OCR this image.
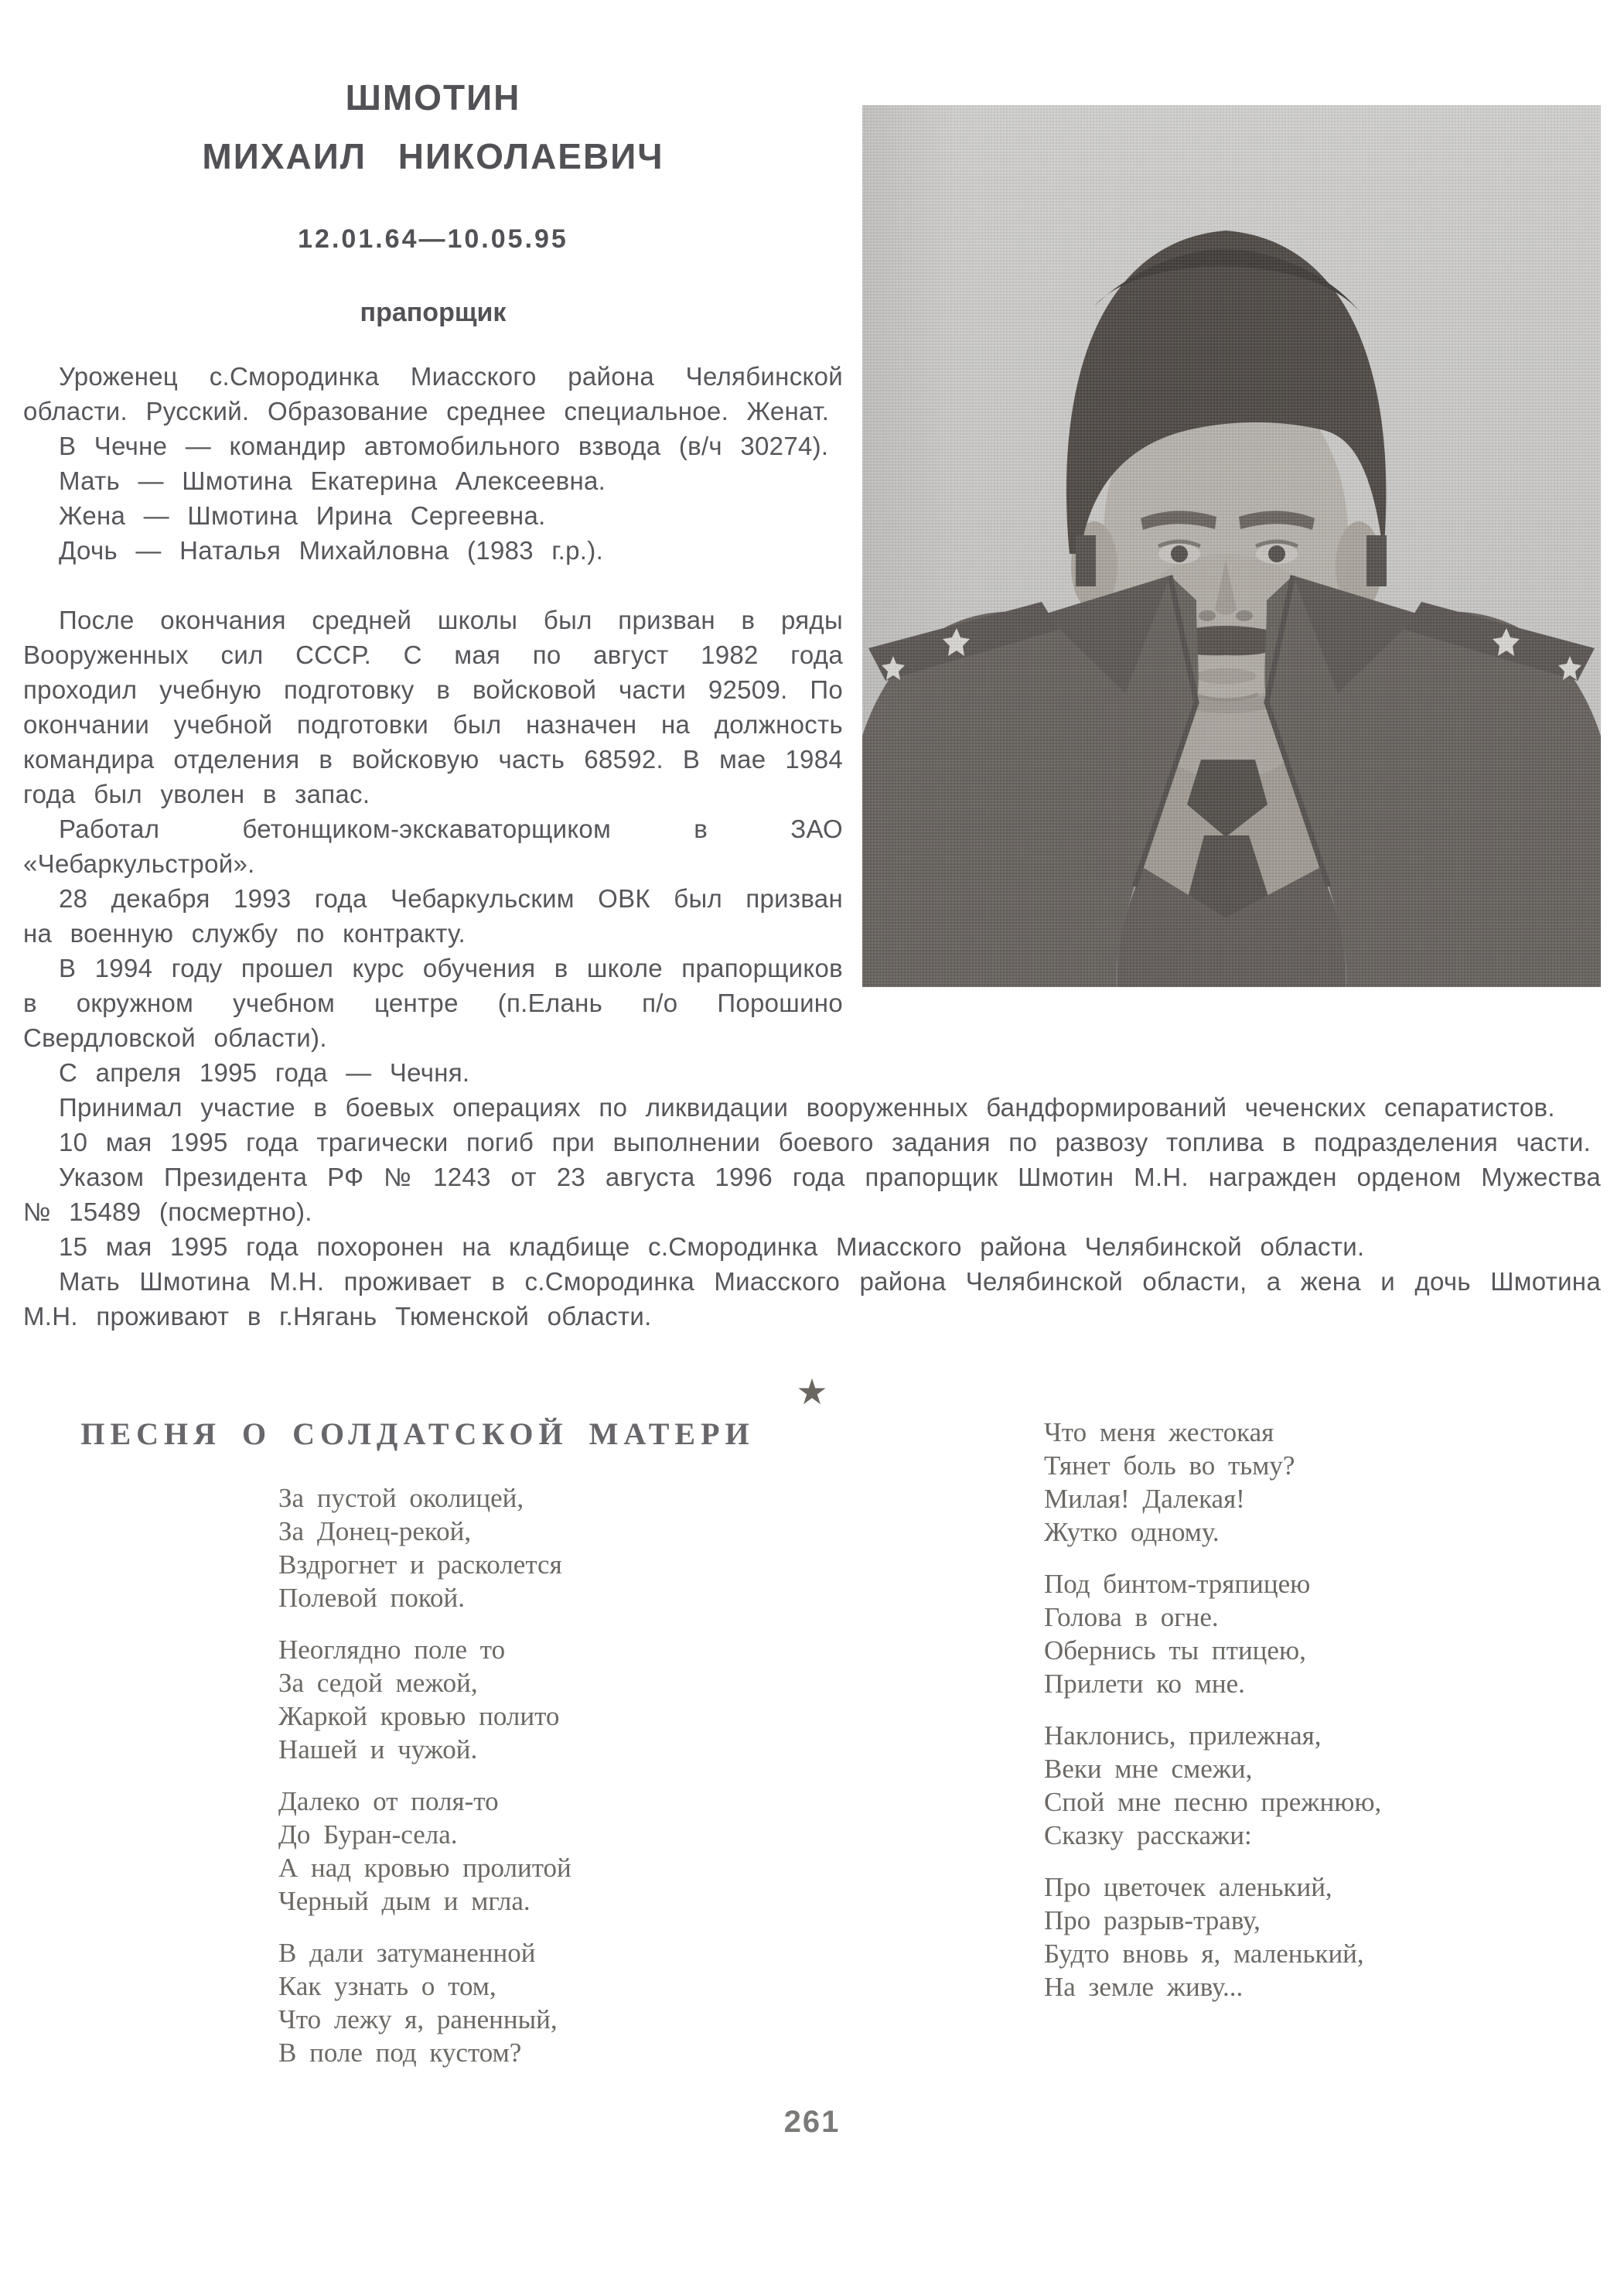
ШМОТИН
МИХАИЛ НИКОЛАЕВИЧ
12.01.64—10.05.95
прапорщик

Уроженец с.Смородинка Миасского района Челябинской области. Русский. Образование среднее специальное. Женат.

В Чечне — командир автомобильного взвода (в/ч 30274).

Мать — Шмотина Екатерина Алексеевна.

Жена — Шмотина Ирина Сергеевна.

Дочь — Наталья Михайловна (1983 г.р.).

После окончания средней школы был призван в ряды Вооруженных сил СССР. С мая по август 1982 года проходил учебную подготовку в войсковой части 92509. По окончании учебной подготовки был назначен на должность командира отделения в войсковую часть 68592. В мае 1984 года был уволен в запас.

Работал бетонщиком-экскаваторщиком в ЗАО «Чебаркульстрой».

28 декабря 1993 года Чебаркульским ОВК был призван на военную службу по контракту.

В 1994 году прошел курс обучения в школе прапорщиков в окружном учебном центре (п.Елань п/о Порошино Свердловской области).

С апреля 1995 года — Чечня.

Принимал участие в боевых операциях по ликвидации вооруженных бандформирований чеченских сепаратистов.

10 мая 1995 года трагически погиб при выполнении боевого задания по развозу топлива в подразделения части.

Указом Президента РФ № 1243 от 23 августа 1996 года прапорщик Шмотин М.Н. награжден орденом Мужества № 15489 (посмертно).

15 мая 1995 года похоронен на кладбище с.Смородинка Миасского района Челябинской области.

Мать Шмотина М.Н. проживает в с.Смородинка Миасского района Челябинской области, а жена и дочь Шмотина М.Н. проживают в г.Нягань Тюменской области.

★
ПЕСНЯ О СОЛДАТСКОЙ МАТЕРИ
За пустой околицей,
За Донец-рекой,
Вздрогнет и расколется
Полевой покой.
Неоглядно поле то
За седой межой,
Жаркой кровью полито
Нашей и чужой.
Далеко от поля-то
До Буран-села.
А над кровью пролитой
Черный дым и мгла.
В дали затуманенной
Как узнать о том,
Что лежу я, раненный,
В поле под кустом?
Что меня жестокая
Тянет боль во тьму?
Милая! Далекая!
Жутко одному.
Под бинтом-тряпицею
Голова в огне.
Обернись ты птицею,
Прилети ко мне.
Наклонись, прилежная,
Веки мне смежи,
Спой мне песню прежнюю,
Сказку расскажи:
Про цветочек аленький,
Про разрыв-траву,
Будто вновь я, маленький,
На земле живу...
261
